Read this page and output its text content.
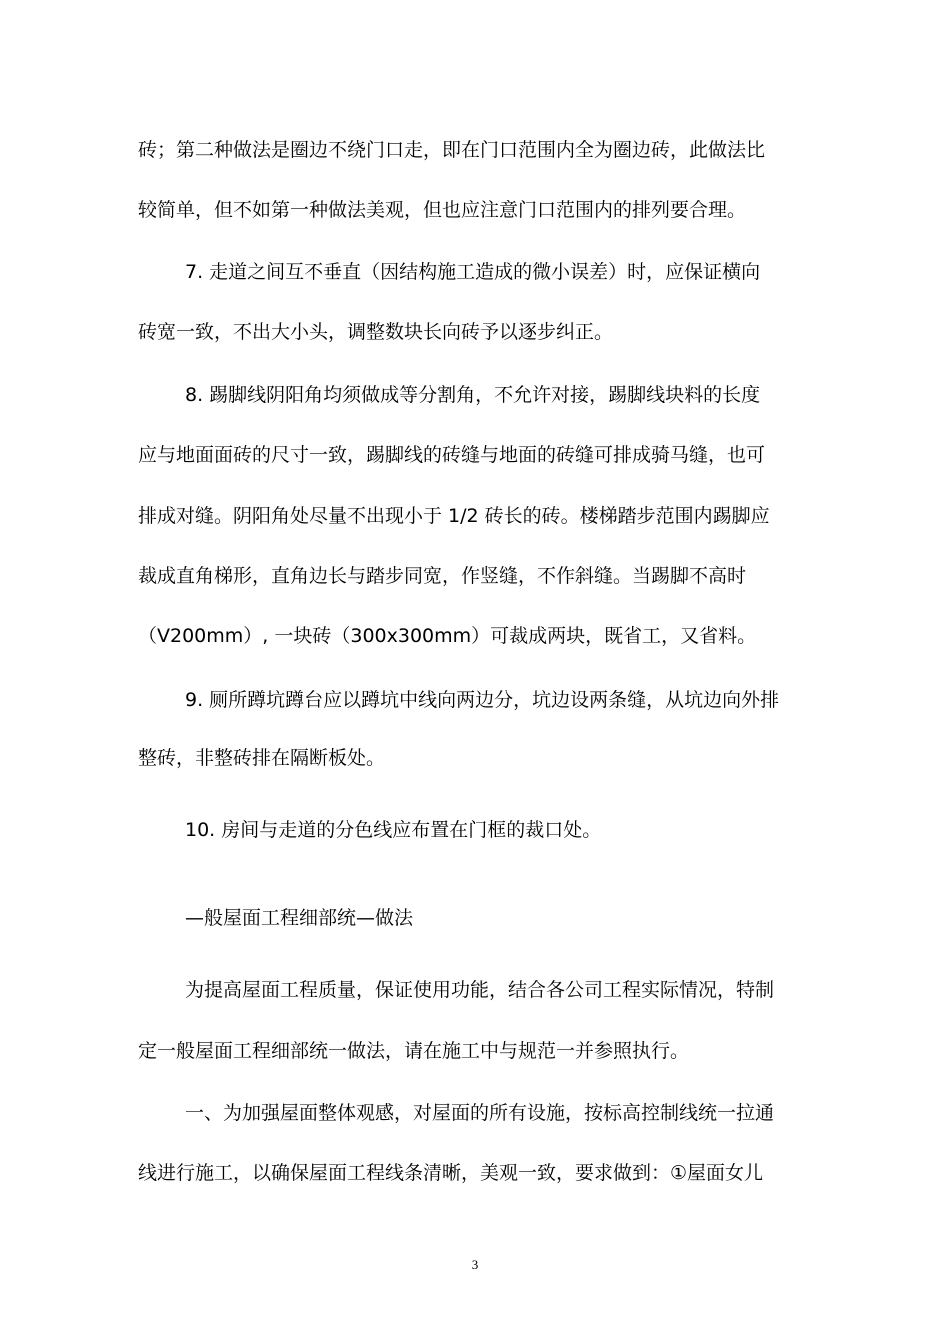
砖；第二种做法是圈边不绕门口走，即在门口范围内全为圈边砖，此做法比
较简单，但不如第一种做法美观，但也应注意门口范围内的排列要合理。
7. 走道之间互不垂直（因结构施工造成的微小误差）时，应保证横向
砖宽一致，不出大小头，调整数块长向砖予以逐步纠正。
8. 踢脚线阴阳角均须做成等分割角，不允许对接，踢脚线块料的长度
应与地面面砖的尺寸一致，踢脚线的砖缝与地面的砖缝可排成骑马缝，也可
排成对缝。阴阳角处尽量不出现小于 1/2 砖长的砖。楼梯踏步范围内踢脚应
裁成直角梯形，直角边长与踏步同宽，作竖缝，不作斜缝。当踢脚不高时
（V200mm）, 一块砖（300x300mm）可裁成两块，既省工，又省料。
9. 厕所蹲坑蹲台应以蹲坑中线向两边分，坑边设两条缝，从坑边向外排
整砖，非整砖排在隔断板处。
10. 房间与走道的分色线应布置在门框的裁口处。
—般屋面工程细部统—做法
为提高屋面工程质量，保证使用功能，结合各公司工程实际情况，特制
定一般屋面工程细部统一做法，请在施工中与规范一并参照执行。
一、为加强屋面整体观感，对屋面的所有设施，按标高控制线统一拉通
线进行施工，以确保屋面工程线条清晰，美观一致，要求做到：①屋面女儿
3
